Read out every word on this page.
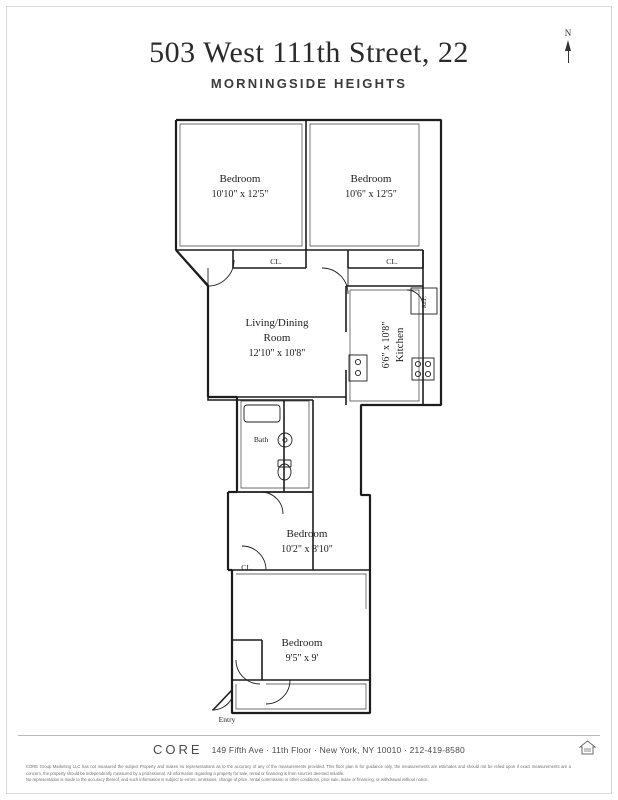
N
503 West 111th Street, 22
MORNINGSIDE HEIGHTS
Bedroom
10'10" x 12'5"
Bedroom
10'6" x 12'5"
Living/Dining
Room
12'10" x 10'8"	Kitchen
6'6" x 10'8"
Bath
Bedroom
10'2" x 8'10"
Bedroom
9'5" x 9'
CL.	CL.
CL.
REF.
Entry
CORE 149 Fifth Ave · 11th Floor · New York, NY 10010 · 212-419-8580
CORE Group Marketing LLC has not measured the subject Property and makes no representations as to the accuracy of any of the measurements provided. This floor plan is for guidance only, the measurements are estimates and should not be relied upon if exact measurements are a concern, the property should be independently measured by a professional. All information regarding a property for sale, rental or financing is from sources deemed reliable.
No representation is made to the accuracy thereof, and such information is subject to errors, omissions, change of price, rental commission or other conditions, prior sale, lease or financing, or withdrawal without notice.
